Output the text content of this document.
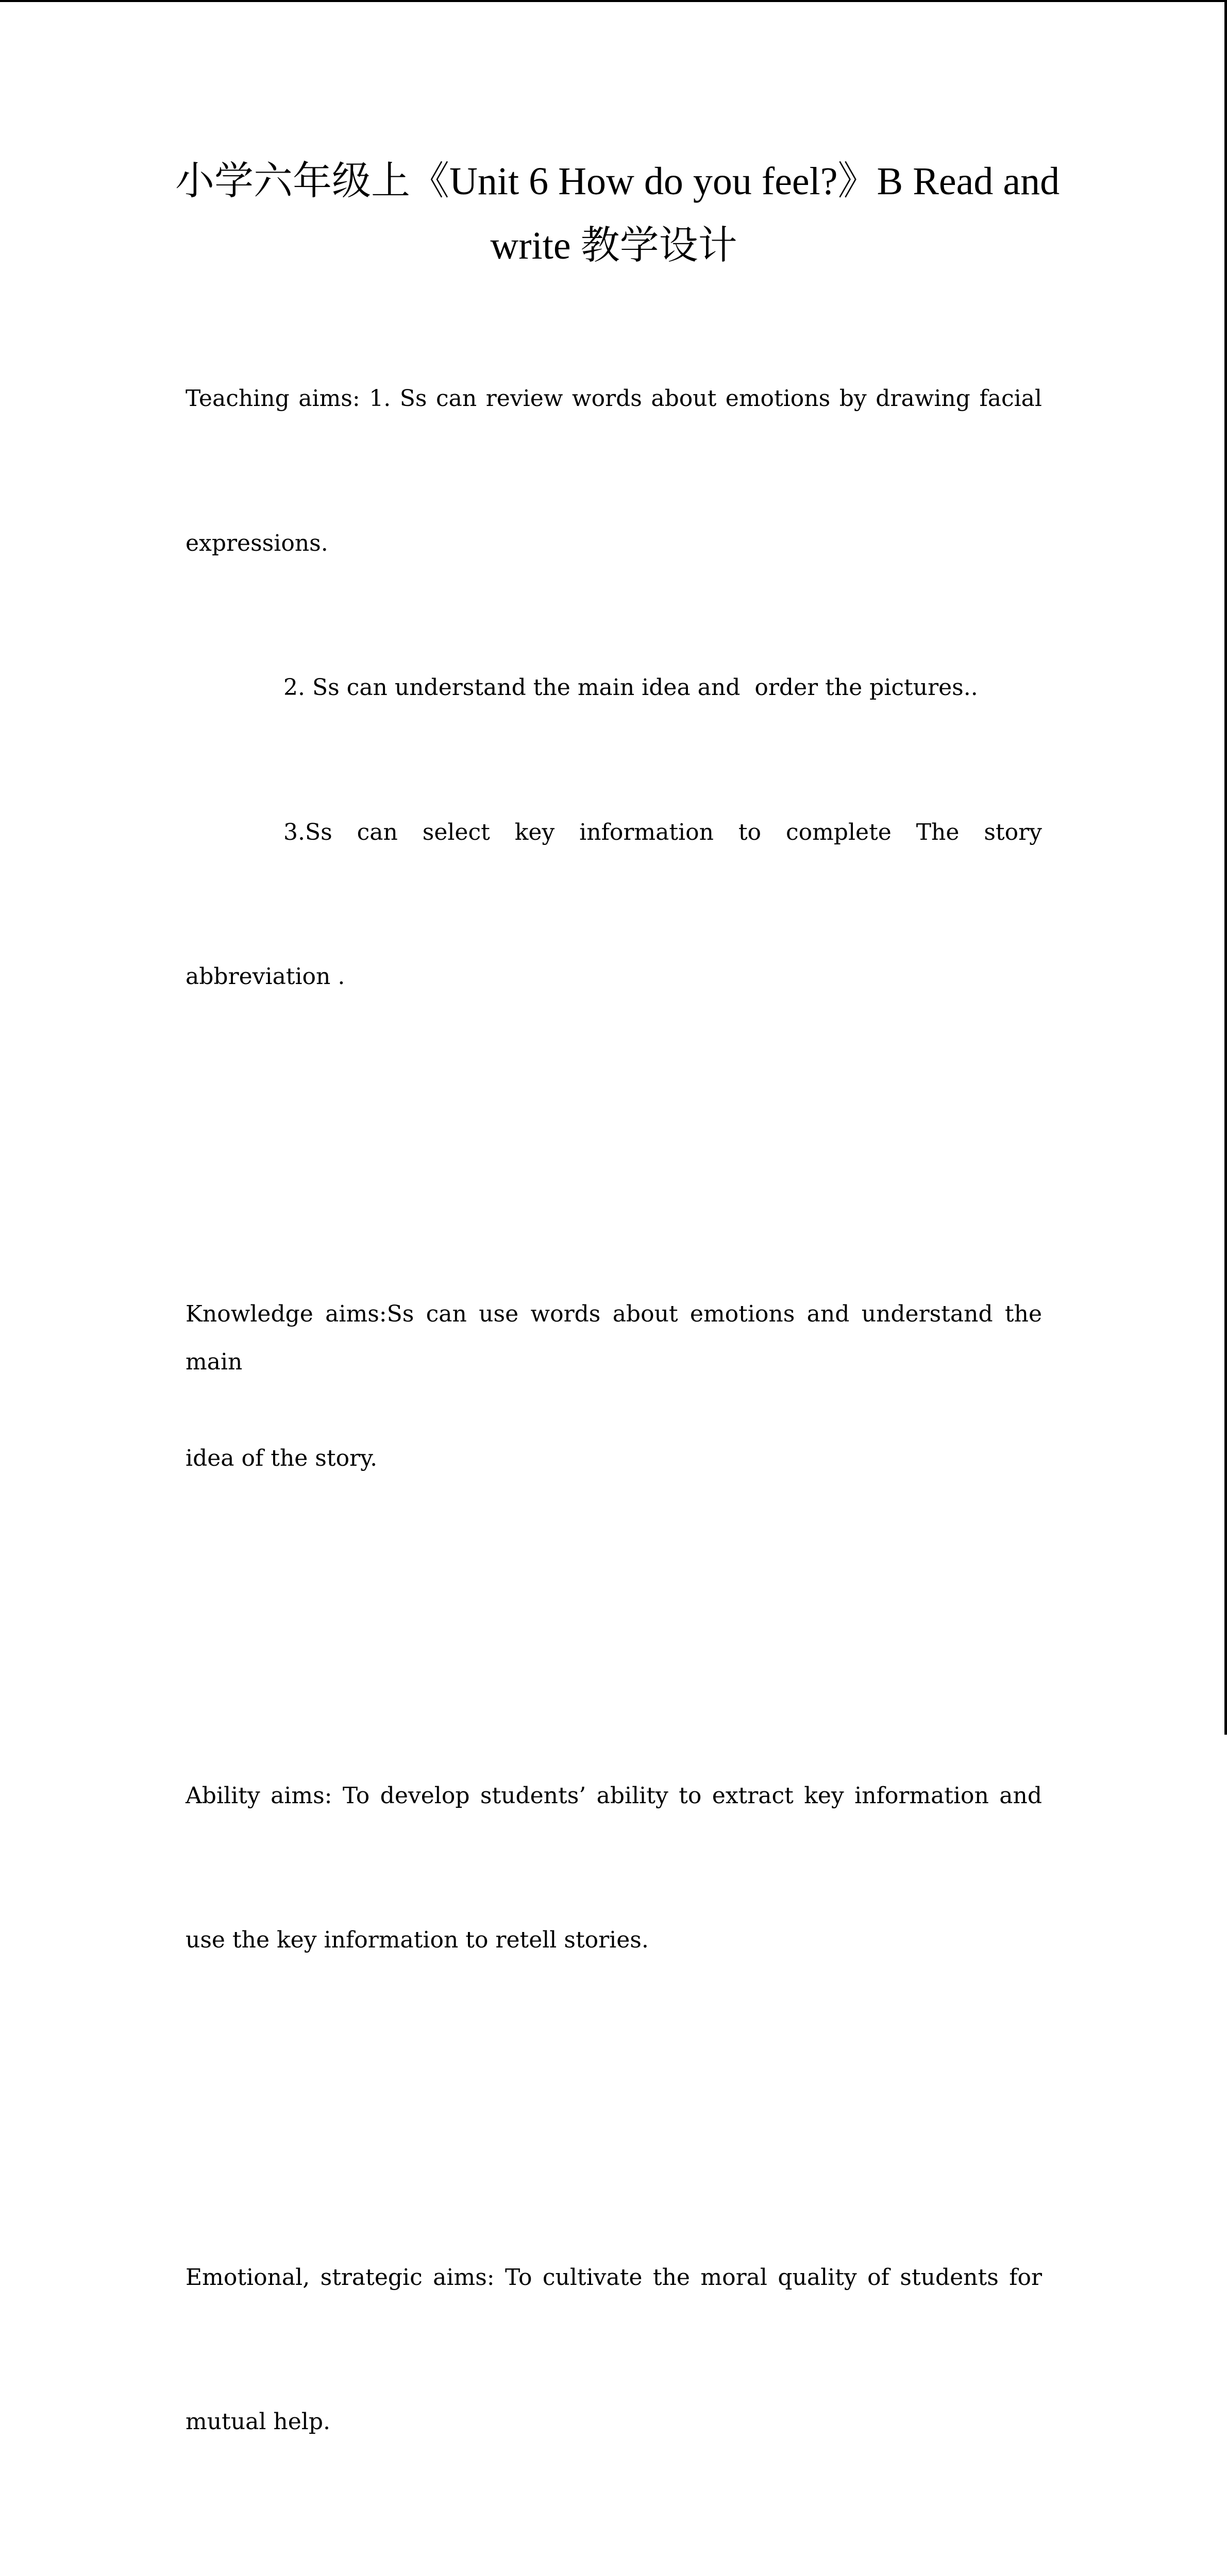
小学六年级上《Unit 6 How do you feel?》B Read and
write 教学设计

Teaching aims: 1. Ss can review words about emotions by drawing facial

expressions.

2. Ss can understand the main idea and  order the pictures..

3.Ss can select key information to complete The story

abbreviation .

Knowledge aims:Ss can use words about emotions and understand the main

idea of the story.

Ability aims: To develop students’ ability to extract key information and

use the key information to retell stories.

Emotional, strategic aims: To cultivate the moral quality of students for

mutual help.
